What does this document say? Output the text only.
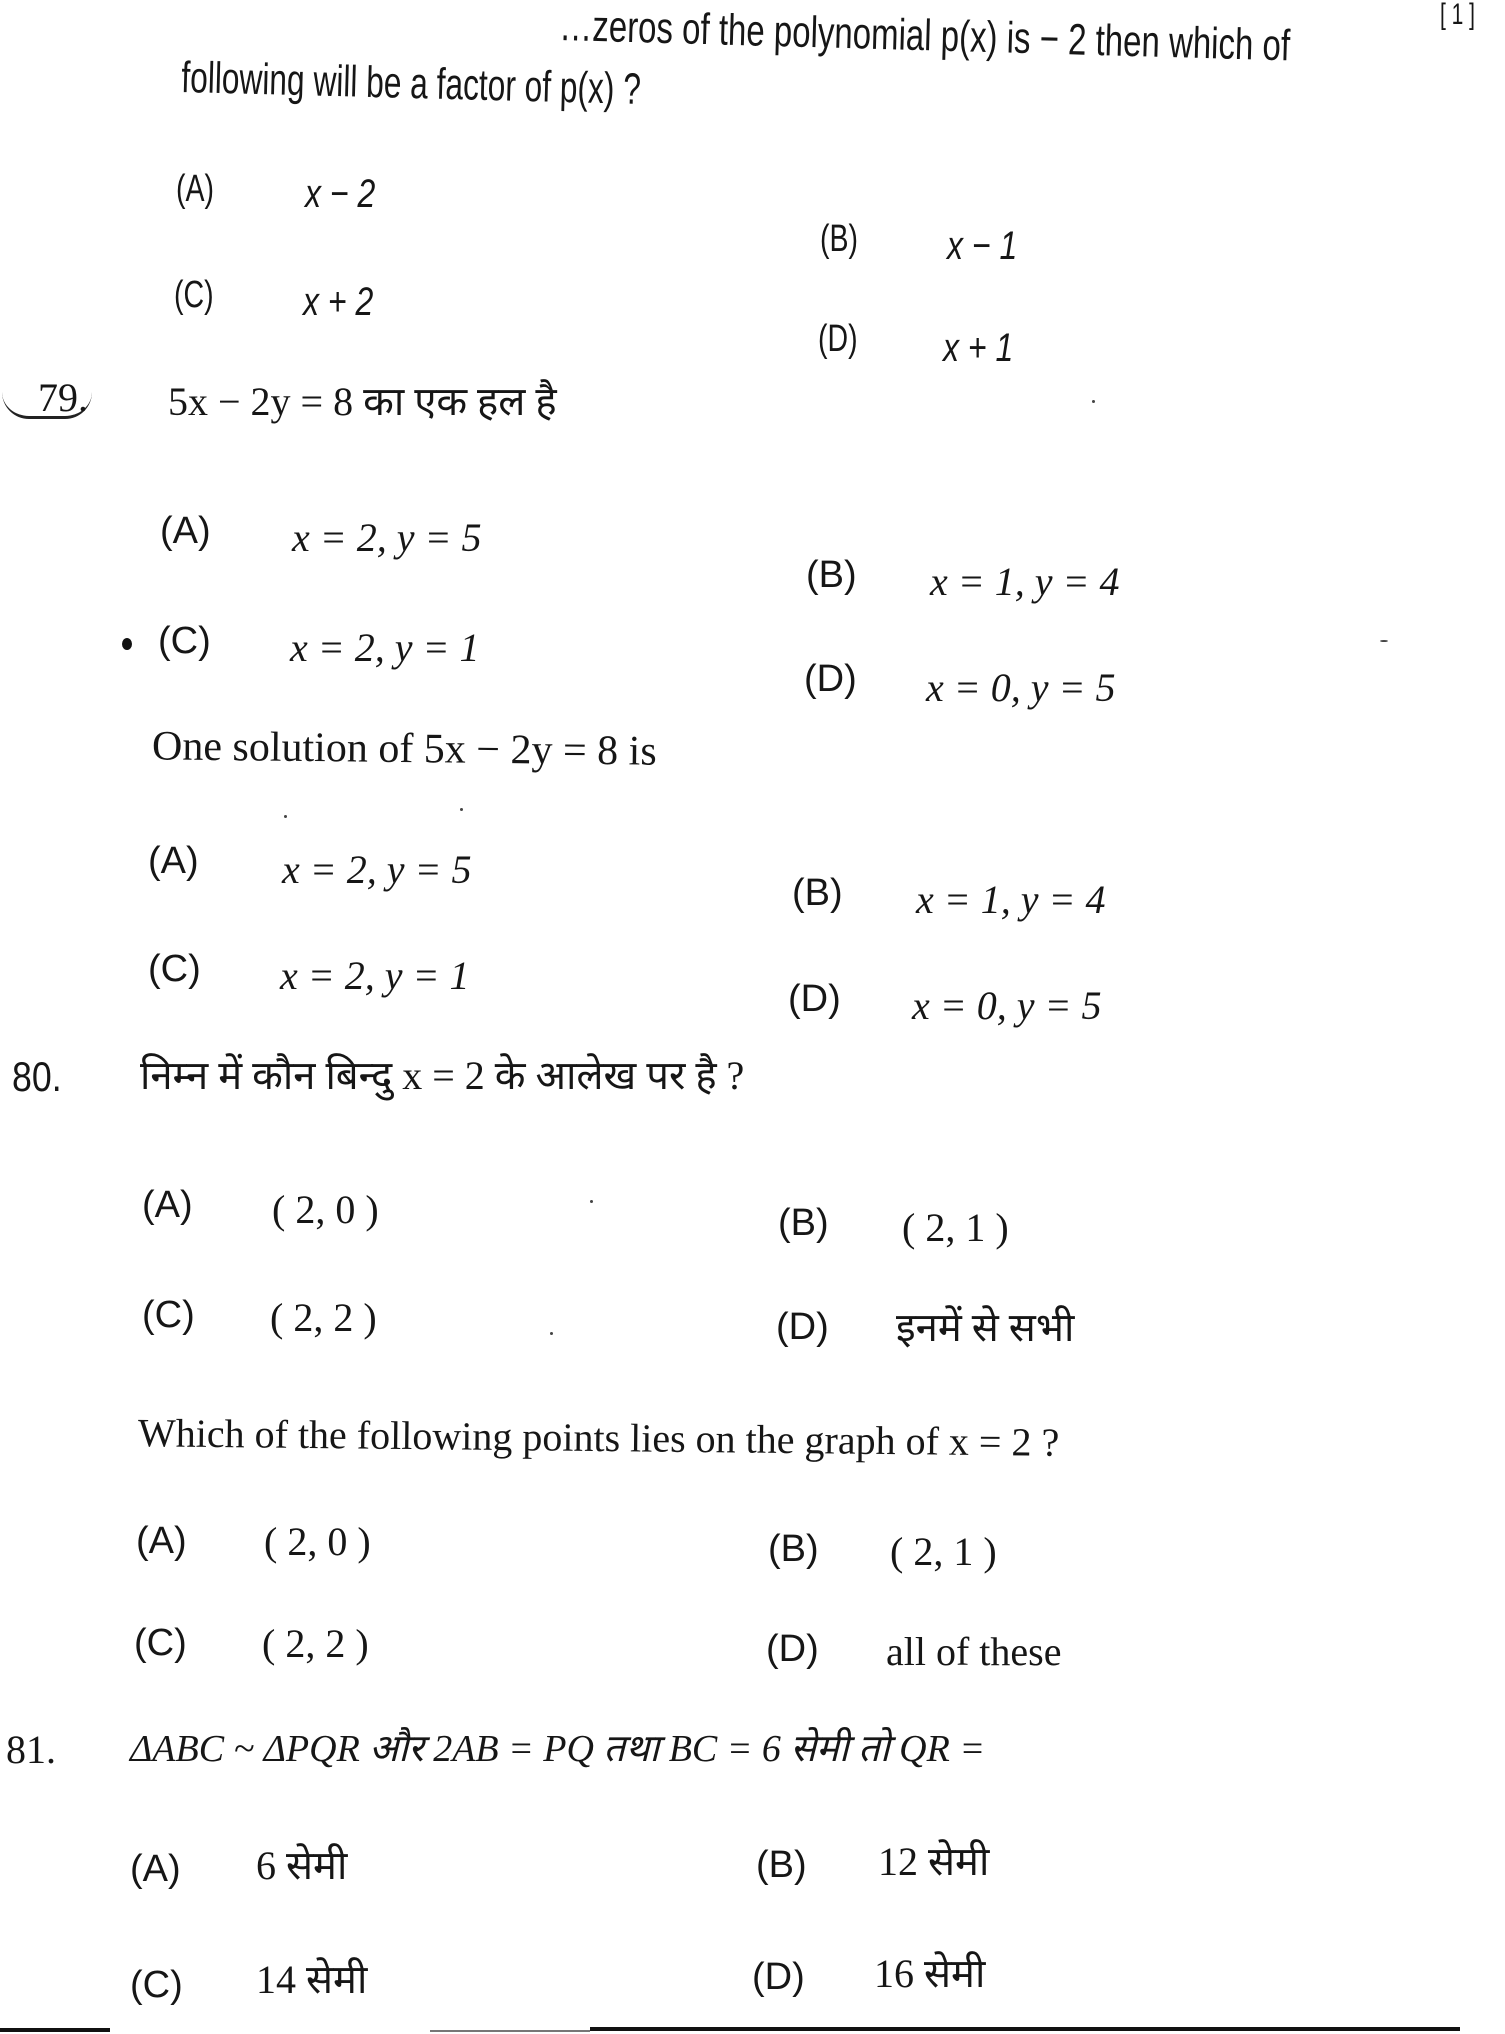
[ 1 ]
…zeros of the polynomial p(x) is − 2 then which of
following will be a factor of p(x) ?
(A) x − 2
(B) x − 1
(C) x + 2
(D) x + 1
79. 5x − 2y = 8 का एक हल है
(A) x = 2, y = 5
(B) x = 1, y = 4
(C) x = 2, y = 1
(D) x = 0, y = 5
One solution of 5x − 2y = 8 is
(A) x = 2, y = 5
(B) x = 1, y = 4
(C) x = 2, y = 1
(D) x = 0, y = 5
80. निम्न में कौन बिन्दु x = 2 के आलेख पर है ?
(A) ( 2, 0 )	(B) ( 2, 1 )
(C) ( 2, 2 )	(D) इनमें से सभी
Which of the following points lies on the graph of x = 2 ?
(A) ( 2, 0 )	(B) ( 2, 1 )
(C) ( 2, 2 )	(D) all of these
81. ΔABC ~ ΔPQR और 2AB = PQ तथा BC = 6 सेमी तो QR =
(A) 6 सेमी	(B) 12 सेमी
(C) 14 सेमी	(D) 16 सेमी
